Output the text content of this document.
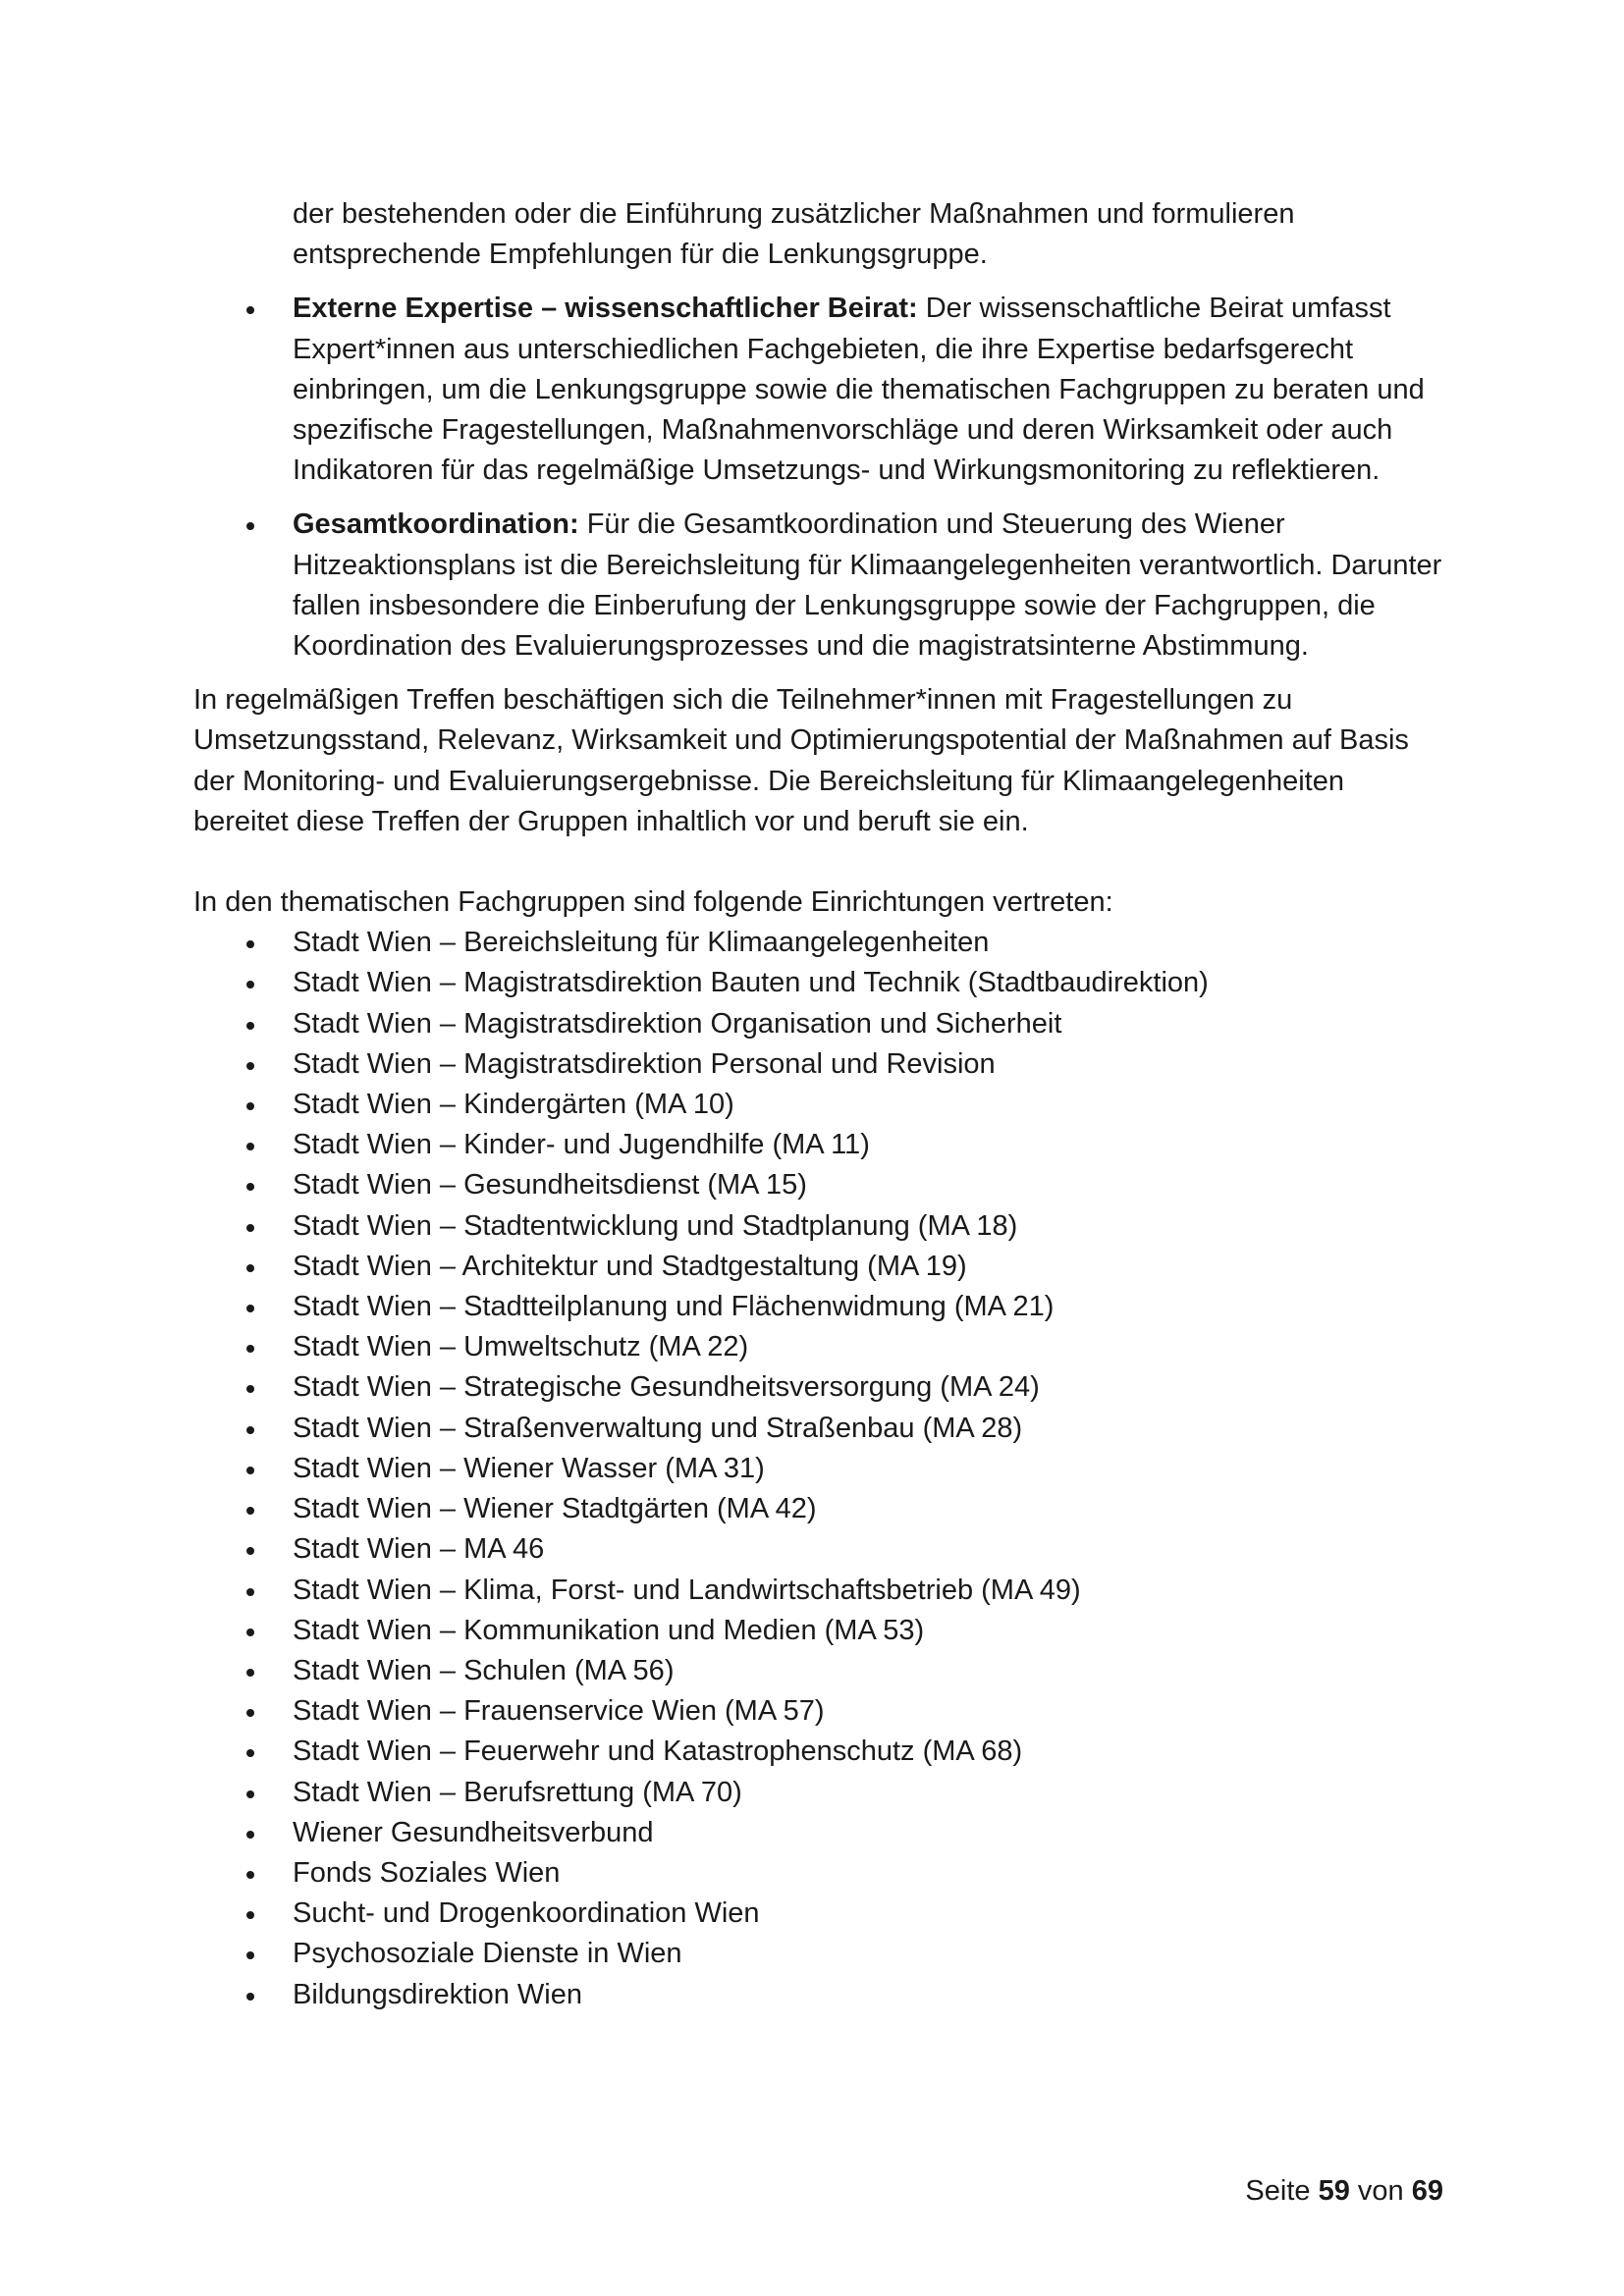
der bestehenden oder die Einführung zusätzlicher Maßnahmen und formulieren entsprechende Empfehlungen für die Lenkungsgruppe.

Externe Expertise – wissenschaftlicher Beirat: Der wissenschaftliche Beirat umfasst Expert*innen aus unterschiedlichen Fachgebieten, die ihre Expertise bedarfsgerecht einbringen, um die Lenkungsgruppe sowie die thematischen Fachgruppen zu beraten und spezifische Fragestellungen, Maßnahmenvorschläge und deren Wirksamkeit oder auch Indikatoren für das regelmäßige Umsetzungs- und Wirkungsmonitoring zu reflektieren.
Gesamtkoordination: Für die Gesamtkoordination und Steuerung des Wiener Hitzeaktionsplans ist die Bereichsleitung für Klimaangelegenheiten verantwortlich. Darunter fallen insbesondere die Einberufung der Lenkungsgruppe sowie der Fachgruppen, die Koordination des Evaluierungsprozesses und die magistratsinterne Abstimmung.

In regelmäßigen Treffen beschäftigen sich die Teilnehmer*innen mit Fragestellungen zu Umsetzungsstand, Relevanz, Wirksamkeit und Optimierungspotential der Maßnahmen auf Basis der Monitoring- und Evaluierungsergebnisse. Die Bereichsleitung für Klimaangelegenheiten bereitet diese Treffen der Gruppen inhaltlich vor und beruft sie ein.

In den thematischen Fachgruppen sind folgende Einrichtungen vertreten:

Stadt Wien – Bereichsleitung für Klimaangelegenheiten
Stadt Wien – Magistratsdirektion Bauten und Technik (Stadtbaudirektion)
Stadt Wien – Magistratsdirektion Organisation und Sicherheit
Stadt Wien – Magistratsdirektion Personal und Revision
Stadt Wien – Kindergärten (MA 10)
Stadt Wien – Kinder- und Jugendhilfe (MA 11)
Stadt Wien – Gesundheitsdienst (MA 15)
Stadt Wien – Stadtentwicklung und Stadtplanung (MA 18)
Stadt Wien – Architektur und Stadtgestaltung (MA 19)
Stadt Wien – Stadtteilplanung und Flächenwidmung (MA 21)
Stadt Wien – Umweltschutz (MA 22)
Stadt Wien – Strategische Gesundheitsversorgung (MA 24)
Stadt Wien – Straßenverwaltung und Straßenbau (MA 28)
Stadt Wien – Wiener Wasser (MA 31)
Stadt Wien – Wiener Stadtgärten (MA 42)
Stadt Wien – MA 46
Stadt Wien – Klima, Forst- und Landwirtschaftsbetrieb (MA 49)
Stadt Wien – Kommunikation und Medien (MA 53)
Stadt Wien – Schulen (MA 56)
Stadt Wien – Frauenservice Wien (MA 57)
Stadt Wien – Feuerwehr und Katastrophenschutz (MA 68)
Stadt Wien – Berufsrettung (MA 70)
Wiener Gesundheitsverbund
Fonds Soziales Wien
Sucht- und Drogenkoordination Wien
Psychosoziale Dienste in Wien
Bildungsdirektion Wien
Seite 59 von 69
